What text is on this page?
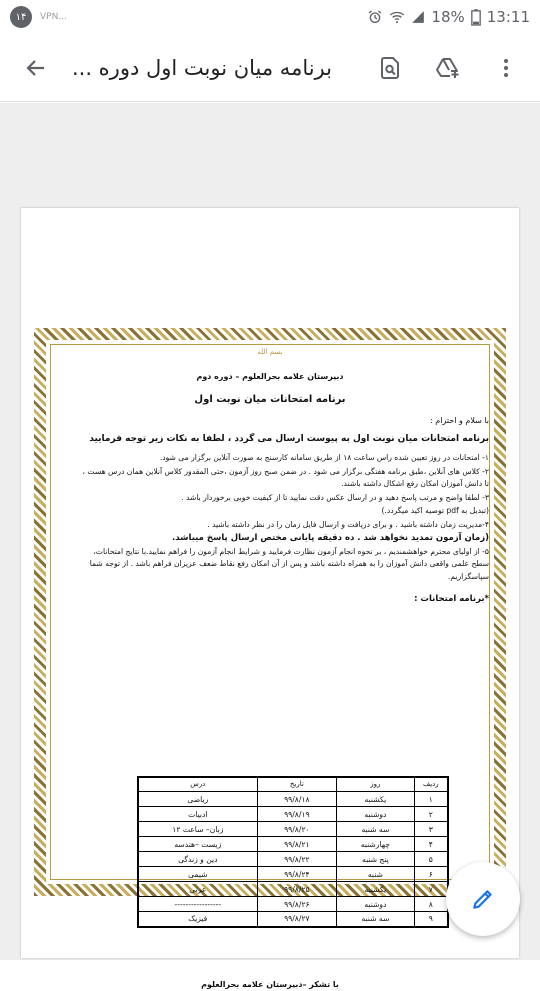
۱۴	VPN...	18% 13:11
برنامه میان نوبت اول دوره ...
بسم الله
دبیرستان علامه بحرالعلوم – دوره دوم
برنامه امتحانات میان نوبت اول
با سلام و احترام :
برنامه امتحانات میان نوبت اول به پیوست ارسال می گردد ، لطفا به نکات زیر توجه فرمایید

۱- امتحانات در روز تعیین شده راس ساعت ۱۸ از طریق سامانه کارسنج به صورت آنلاین برگزار می شود.

۲- کلاس های آنلاین ،طبق برنامه هفتگی برگزار می شود . در ضمن صبح روز آزمون ،حتی المقدور کلاس آنلاین همان درس هست ، تا دانش آموزان امکان رفع اشکال داشته باشند.

۳- لطفا واضح و مرتب پاسخ دهید و در ارسال عکس دقت نمایید تا از کیفیت خوبی برخوردار باشد .

(تبدیل به pdf توصیه اکید میگردد.)

۴-مدیریت زمان داشته باشید . و برای دریافت و ارسال فایل زمان را در نظر داشته باشید .

(زمان آزمون تمدید نخواهد شد . ده دقیقه پایانی مختص ارسال پاسخ میباشد.

۵- از اولیای محترم خواهشمندیم ، بر نحوه انجام آزمون نظارت فرمایید و شرایط انجام آزمون را فراهم نمایید.با نتایج امتحانات، سطح علمی واقعی دانش آموزان را به همراه داشته باشد و پس از آن امکان رفع نقاط ضعف عزیزان فراهم باشد . از توجه شما سپاسگزاریم.

*برنامه امتحانات :
ردیف	روز	تاریخ	درس
۱	یکشنبه	۹۹/۸/۱۸	ریاضی
۲	دوشنبه	۹۹/۸/۱۹	ادبیات
۳	سه شنبه	۹۹/۸/۲۰	زبان– ساعت ۱۲
۴	چهارشنبه	۹۹/۸/۲۱	زیست –هندسه
۵	پنج شنبه	۹۹/۸/۲۲	دین و زندگی
۶	شنبه	۹۹/۸/۲۴	شیمی
۷	یکشنبه	۹۹/۸/۲۵	عربی
۸	دوشنبه	۹۹/۸/۲۶	-----------------
۹	سه شنبه	۹۹/۸/۲۷	فیزیک
با تشکر –دبیرستان علامه بحرالعلوم
